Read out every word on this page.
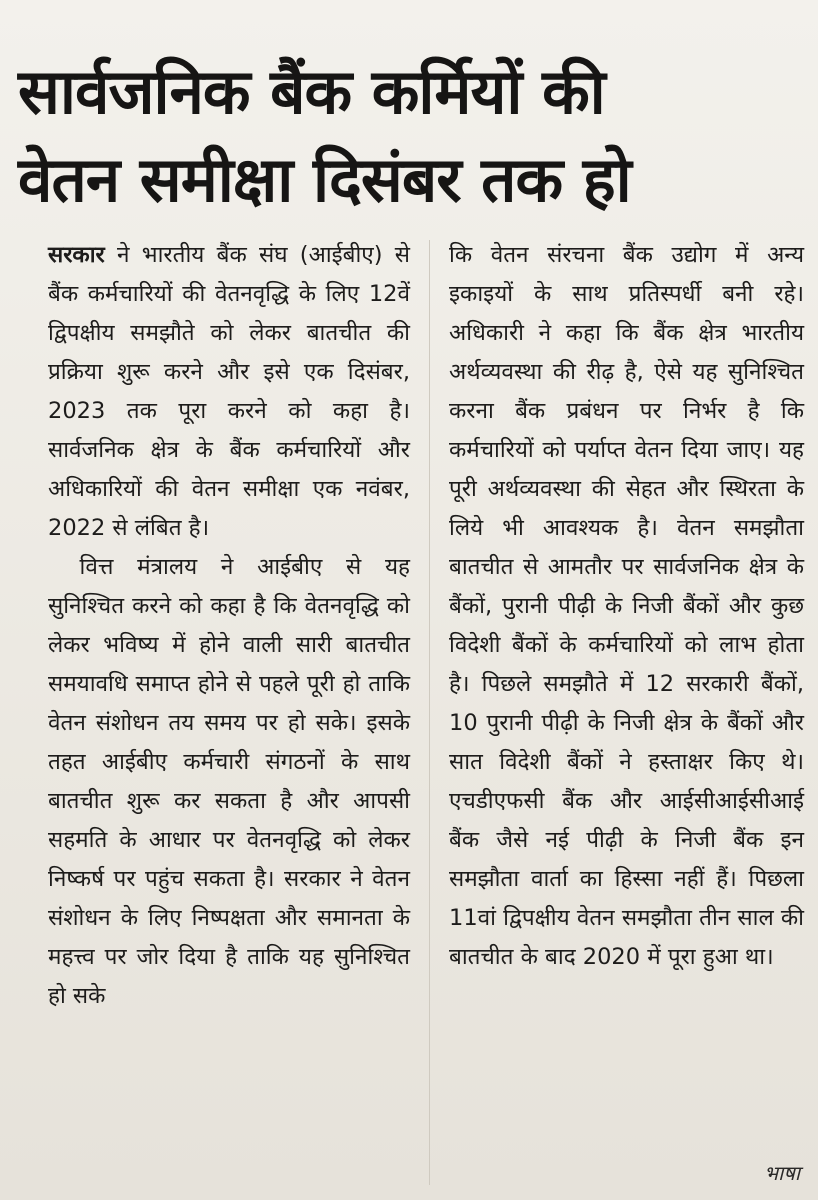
सार्वजनिक बैंक कर्मियों की
वेतन समीक्षा दिसंबर तक हो

सरकार ने भारतीय बैंक संघ (आईबीए) से बैंक कर्मचारियों की वेतनवृद्धि के लिए 12वें द्विपक्षीय समझौते को लेकर बातचीत की प्रक्रिया शुरू करने और इसे एक दिसंबर, 2023 तक पूरा करने को कहा है। सार्वजनिक क्षेत्र के बैंक कर्मचारियों और अधिकारियों की वेतन समीक्षा एक नवंबर, 2022 से लंबित है।

वित्त मंत्रालय ने आईबीए से यह सुनिश्चित करने को कहा है कि वेतनवृद्धि को लेकर भविष्य में होने वाली सारी बातचीत समयावधि समाप्त होने से पहले पूरी हो ताकि वेतन संशोधन तय समय पर हो सके। इसके तहत आईबीए कर्मचारी संगठनों के साथ बातचीत शुरू कर सकता है और आपसी सहमति के आधार पर वेतनवृद्धि को लेकर निष्कर्ष पर पहुंच सकता है। सरकार ने वेतन संशोधन के लिए निष्पक्षता और समानता के महत्त्व पर जोर दिया है ताकि यह सुनिश्चित हो सके

कि वेतन संरचना बैंक उद्योग में अन्य इकाइयों के साथ प्रतिस्पर्धी बनी रहे। अधिकारी ने कहा कि बैंक क्षेत्र भारतीय अर्थव्यवस्था की रीढ़ है, ऐसे यह सुनिश्चित करना बैंक प्रबंधन पर निर्भर है कि कर्मचारियों को पर्याप्त वेतन दिया जाए। यह पूरी अर्थव्यवस्था की सेहत और स्थिरता के लिये भी आवश्यक है। वेतन समझौता बातचीत से आमतौर पर सार्वजनिक क्षेत्र के बैंकों, पुरानी पीढ़ी के निजी बैंकों और कुछ विदेशी बैंकों के कर्मचारियों को लाभ होता है। पिछले समझौते में 12 सरकारी बैंकों, 10 पुरानी पीढ़ी के निजी क्षेत्र के बैंकों और सात विदेशी बैंकों ने हस्ताक्षर किए थे। एचडीएफसी बैंक और आईसीआईसीआई बैंक जैसे नई पीढ़ी के निजी बैंक इन समझौता वार्ता का हिस्सा नहीं हैं। पिछला 11वां द्विपक्षीय वेतन समझौता तीन साल की बातचीत के बाद 2020 में पूरा हुआ था।

भाषा
